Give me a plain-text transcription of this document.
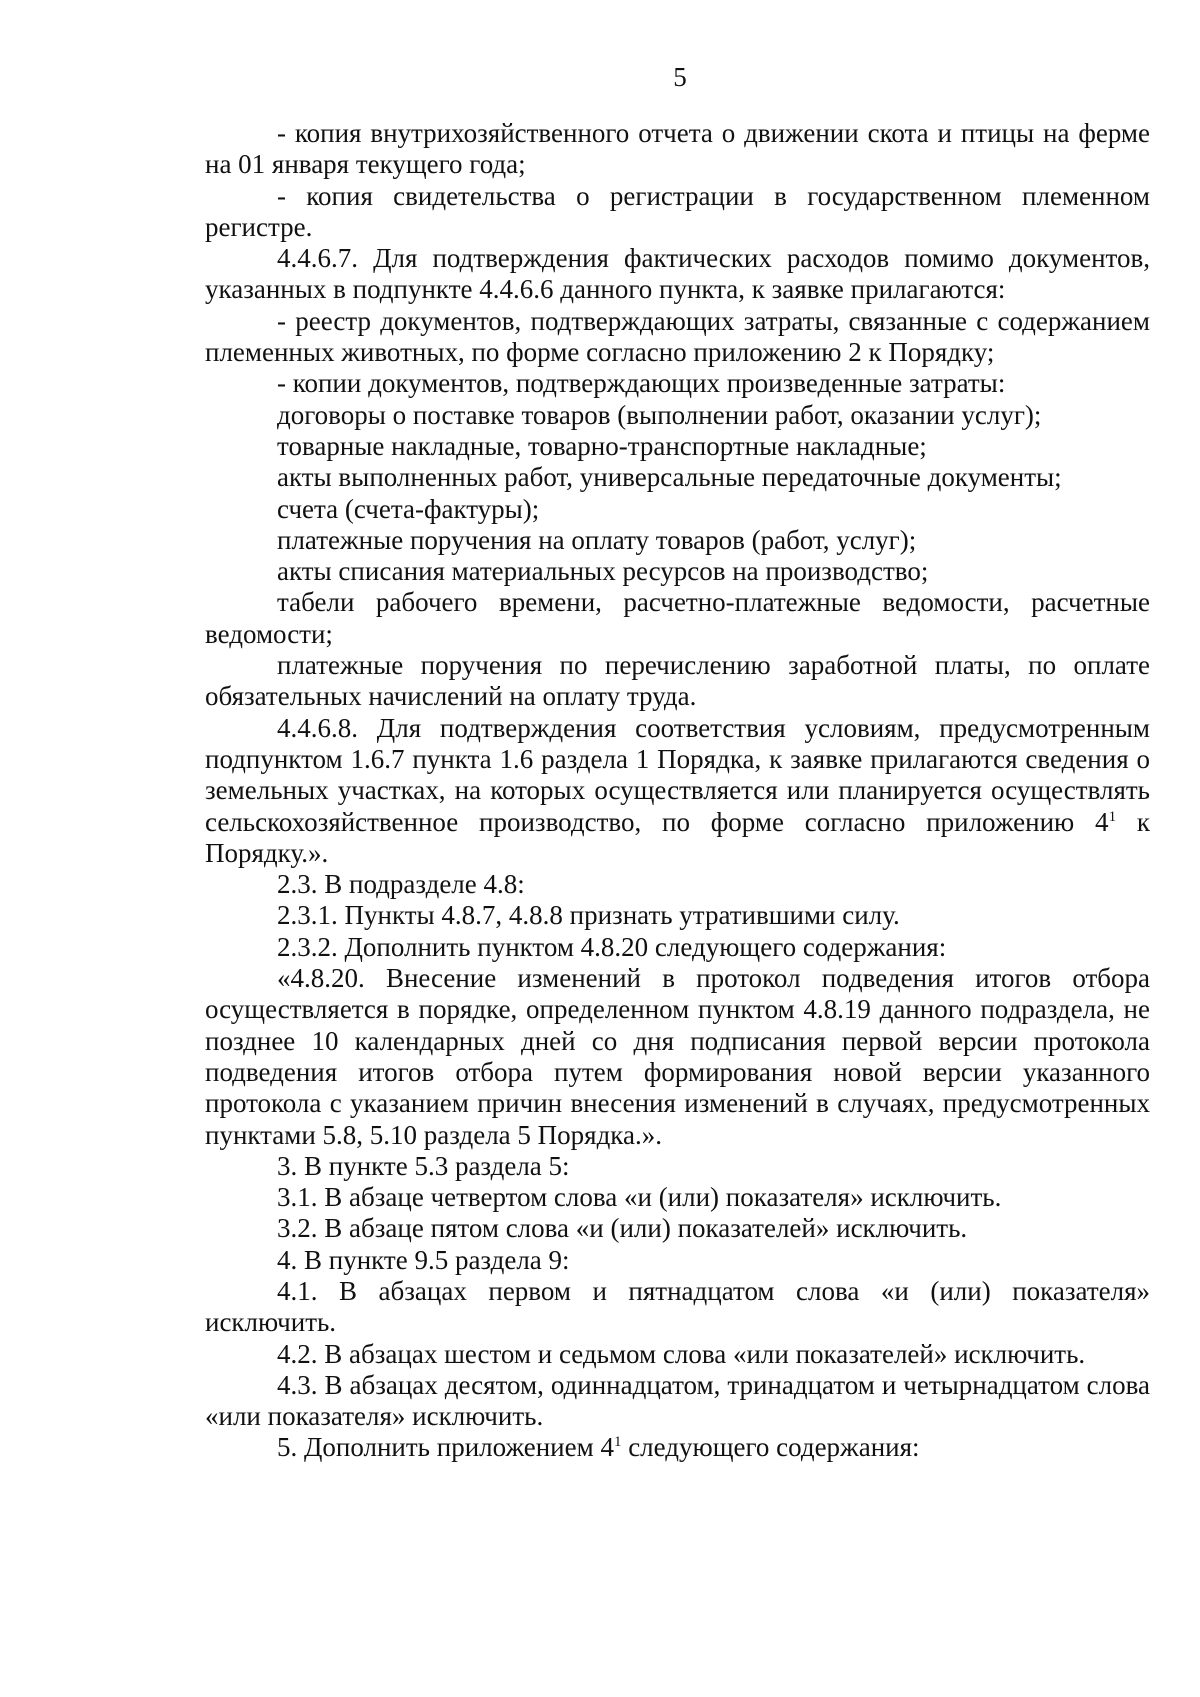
5

- копия внутрихозяйственного отчета о движении скота и птицы на ферме на 01 января текущего года;

- копия свидетельства о регистрации в государственном племенном регистре.

4.4.6.7. Для подтверждения фактических расходов помимо документов, указанных в подпункте 4.4.6.6 данного пункта, к заявке прилагаются:

- реестр документов, подтверждающих затраты, связанные с содержанием племенных животных, по форме согласно приложению 2 к Порядку;

- копии документов, подтверждающих произведенные затраты:

договоры о поставке товаров (выполнении работ, оказании услуг);

товарные накладные, товарно-транспортные накладные;

акты выполненных работ, универсальные передаточные документы;

счета (счета-фактуры);

платежные поручения на оплату товаров (работ, услуг);

акты списания материальных ресурсов на производство;

табели рабочего времени, расчетно-платежные ведомости, расчетные ведомости;

платежные поручения по перечислению заработной платы, по оплате обязательных начислений на оплату труда.

4.4.6.8. Для подтверждения соответствия условиям, предусмотренным подпунктом 1.6.7 пункта 1.6 раздела 1 Порядка, к заявке прилагаются сведения о земельных участках, на которых осуществляется или планируется осуществлять сельскохозяйственное производство, по форме согласно приложению $4^1$ к Порядку.».

2.3. В подразделе 4.8:

2.3.1. Пункты 4.8.7, 4.8.8 признать утратившими силу.

2.3.2. Дополнить пунктом 4.8.20 следующего содержания:

«4.8.20. Внесение изменений в протокол подведения итогов отбора осуществляется в порядке, определенном пунктом 4.8.19 данного подраздела, не позднее 10 календарных дней со дня подписания первой версии протокола подведения итогов отбора путем формирования новой версии указанного протокола с указанием причин внесения изменений в случаях, предусмотренных пунктами 5.8, 5.10 раздела 5 Порядка.».

3. В пункте 5.3 раздела 5:

3.1. В абзаце четвертом слова «и (или) показателя» исключить.

3.2. В абзаце пятом слова «и (или) показателей» исключить.

4. В пункте 9.5 раздела 9:

4.1. В абзацах первом и пятнадцатом слова «и (или) показателя» исключить.

4.2. В абзацах шестом и седьмом слова «или показателей» исключить.

4.3. В абзацах десятом, одиннадцатом, тринадцатом и четырнадцатом слова «или показателя» исключить.

5. Дополнить приложением $4^1$ следующего содержания:
